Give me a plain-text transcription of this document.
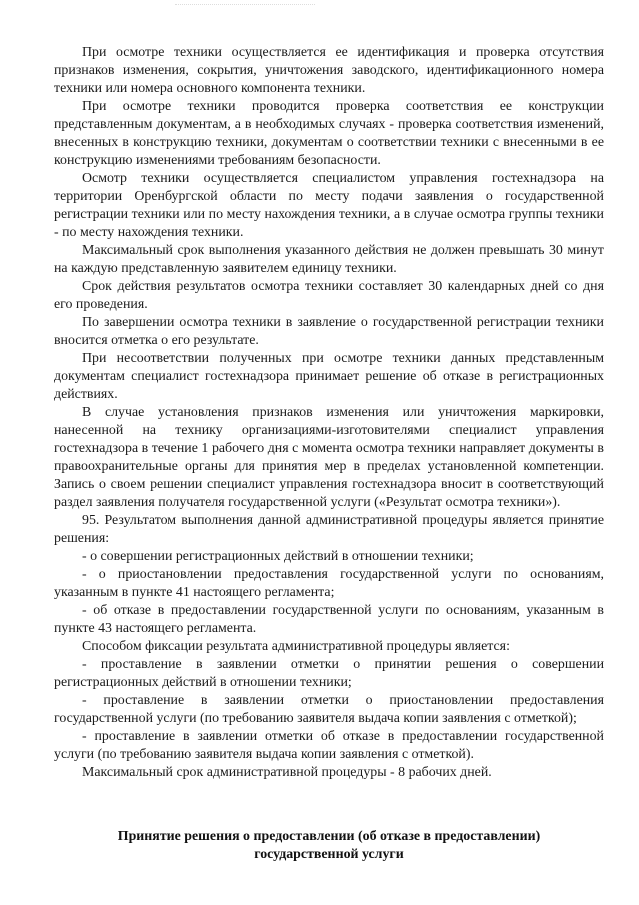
При осмотре техники осуществляется ее идентификация и проверка отсутствия признаков изменения, сокрытия, уничтожения заводского, идентификационного номера техники или номера основного компонента техники.

При осмотре техники проводится проверка соответствия ее конструкции представленным документам, а в необходимых случаях - проверка соответствия изменений, внесенных в конструкцию техники, документам о соответствии техники с внесенными в ее конструкцию изменениями требованиям безопасности.

Осмотр техники осуществляется специалистом управления гостехнадзора на территории Оренбургской области по месту подачи заявления о государственной регистрации техники или по месту нахождения техники, а в случае осмотра группы техники - по месту нахождения техники.

Максимальный срок выполнения указанного действия не должен превышать 30 минут на каждую представленную заявителем единицу техники.

Срок действия результатов осмотра техники составляет 30 календарных дней со дня его проведения.

По завершении осмотра техники в заявление о государственной регистрации техники вносится отметка о его результате.

При несоответствии полученных при осмотре техники данных представленным документам специалист гостехнадзора принимает решение об отказе в регистрационных действиях.

В случае установления признаков изменения или уничтожения маркировки, нанесенной на технику организациями-изготовителями специалист управления гостехнадзора в течение 1 рабочего дня с момента осмотра техники направляет документы в правоохранительные органы для принятия мер в пределах установленной компетенции. Запись о своем решении специалист управления гостехнадзора вносит в соответствующий раздел заявления получателя государственной услуги («Результат осмотра техники»).

95. Результатом выполнения данной административной процедуры является принятие решения:

- о совершении регистрационных действий в отношении техники;

- о приостановлении предоставления государственной услуги по основаниям, указанным в пункте 41 настоящего регламента;

- об отказе в предоставлении государственной услуги по основаниям, указанным в пункте 43 настоящего регламента.

Способом фиксации результата административной процедуры является:

- проставление в заявлении отметки о принятии решения о совершении регистрационных действий в отношении техники;

- проставление в заявлении отметки о приостановлении предоставления государственной услуги (по требованию заявителя выдача копии заявления с отметкой);

- проставление в заявлении отметки об отказе в предоставлении государственной услуги (по требованию заявителя выдача копии заявления с отметкой).

Максимальный срок административной процедуры - 8 рабочих дней.

Принятие решения о предоставлении (об отказе в предоставлении)
государственной услуги
